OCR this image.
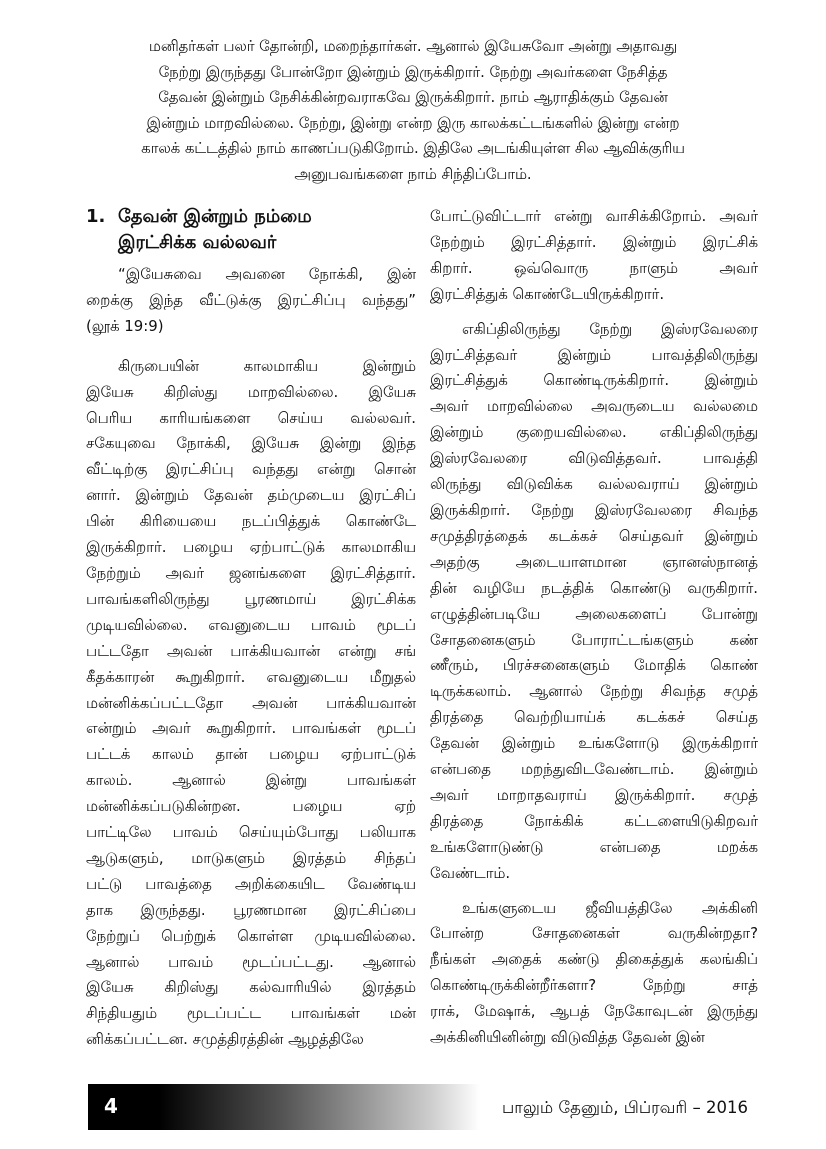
மனிதர்கள் பலர் தோன்றி, மறைந்தார்கள். ஆனால் இயேசுவோ அன்று அதாவது
நேற்று இருந்தது போன்றோ இன்றும் இருக்கிறார். நேற்று அவர்களை நேசித்த
தேவன் இன்றும் நேசிக்கின்றவராகவே இருக்கிறார். நாம் ஆராதிக்கும் தேவன்
இன்றும் மாறவில்லை. நேற்று, இன்று என்ற இரு காலக்கட்டங்களில் இன்று என்ற
காலக் கட்டத்தில் நாம் காணப்படுகிறோம். இதிலே அடங்கியுள்ள சில ஆவிக்குரிய
அனுபவங்களை நாம் சிந்திப்போம்.
1. தேவன் இன்றும் நம்மை
இரட்சிக்க வல்லவர்
“இயேசுவை அவனை நோக்கி, இன்
றைக்கு இந்த வீட்டுக்கு இரட்சிப்பு வந்தது”
(லூக் 19:9)
கிருபையின் காலமாகிய இன்றும்
இயேசு கிறிஸ்து மாறவில்லை. இயேசு
பெரிய காரியங்களை செய்ய வல்லவர்.
சகேயுவை நோக்கி, இயேசு இன்று இந்த
வீட்டிற்கு இரட்சிப்பு வந்தது என்று சொன்
னார். இன்றும் தேவன் தம்முடைய இரட்சிப்
பின் கிரியையை நடப்பித்துக் கொண்டே
இருக்கிறார். பழைய ஏற்பாட்டுக் காலமாகிய
நேற்றும் அவர் ஜனங்களை இரட்சித்தார்.
பாவங்களிலிருந்து பூரணமாய் இரட்சிக்க
முடியவில்லை. எவனுடைய பாவம் மூடப்
பட்டதோ அவன் பாக்கியவான் என்று சங்
கீதக்காரன் கூறுகிறார். எவனுடைய மீறுதல்
மன்னிக்கப்பட்டதோ அவன் பாக்கியவான்
என்றும் அவர் கூறுகிறார். பாவங்கள் மூடப்
பட்டக் காலம் தான் பழைய ஏற்பாட்டுக்
காலம். ஆனால் இன்று பாவங்கள்
மன்னிக்கப்படுகின்றன. பழைய ஏற்
பாட்டிலே பாவம் செய்யும்போது பலியாக
ஆடுகளும், மாடுகளும் இரத்தம் சிந்தப்
பட்டு பாவத்தை அறிக்கையிட வேண்டிய
தாக இருந்தது. பூரணமான இரட்சிப்பை
நேற்றுப் பெற்றுக் கொள்ள முடியவில்லை.
ஆனால் பாவம் மூடப்பட்டது. ஆனால்
இயேசு கிறிஸ்து கல்வாரியில் இரத்தம்
சிந்தியதும் மூடப்பட்ட பாவங்கள் மன்
னிக்கப்பட்டன. சமுத்திரத்தின் ஆழத்திலே
போட்டுவிட்டார் என்று வாசிக்கிறோம். அவர்
நேற்றும் இரட்சித்தார். இன்றும் இரட்சிக்
கிறார். ஒவ்வொரு நாளும் அவர்
இரட்சித்துக் கொண்டேயிருக்கிறார்.
எகிப்திலிருந்து நேற்று இஸ்ரவேலரை
இரட்சித்தவர் இன்றும் பாவத்திலிருந்து
இரட்சித்துக் கொண்டிருக்கிறார். இன்றும்
அவர் மாறவில்லை அவருடைய வல்லமை
இன்றும் குறையவில்லை. எகிப்திலிருந்து
இஸ்ரவேலரை விடுவித்தவர். பாவத்தி
லிருந்து விடுவிக்க வல்லவராய் இன்றும்
இருக்கிறார். நேற்று இஸ்ரவேலரை சிவந்த
சமுத்திரத்தைக் கடக்கச் செய்தவர் இன்றும்
அதற்கு அடையாளமான ஞானஸ்நானத்
தின் வழியே நடத்திக் கொண்டு வருகிறார்.
எழுத்தின்படியே அலைகளைப் போன்று
சோதனைகளும் போராட்டங்களும் கண்
ணீரும், பிரச்சனைகளும் மோதிக் கொண்
டிருக்கலாம். ஆனால் நேற்று சிவந்த சமுத்
திரத்தை வெற்றியாய்க் கடக்கச் செய்த
தேவன் இன்றும் உங்களோடு இருக்கிறார்
என்பதை மறந்துவிடவேண்டாம். இன்றும்
அவர் மாறாதவராய் இருக்கிறார். சமுத்
திரத்தை நோக்கிக் கட்டளையிடுகிறவர்
உங்களோடுண்டு என்பதை மறக்க
வேண்டாம்.
உங்களுடைய ஜீவியத்திலே அக்கினி
போன்ற சோதனைகள் வருகின்றதா?
நீங்கள் அதைக் கண்டு திகைத்துக் கலங்கிப்
கொண்டிருக்கின்றீர்களா? நேற்று சாத்
ராக், மேஷாக், ஆபத் நேகோவுடன் இருந்து
அக்கினியினின்று விடுவித்த தேவன் இன்
4	பாலும் தேனும், பிப்ரவரி – 2016
